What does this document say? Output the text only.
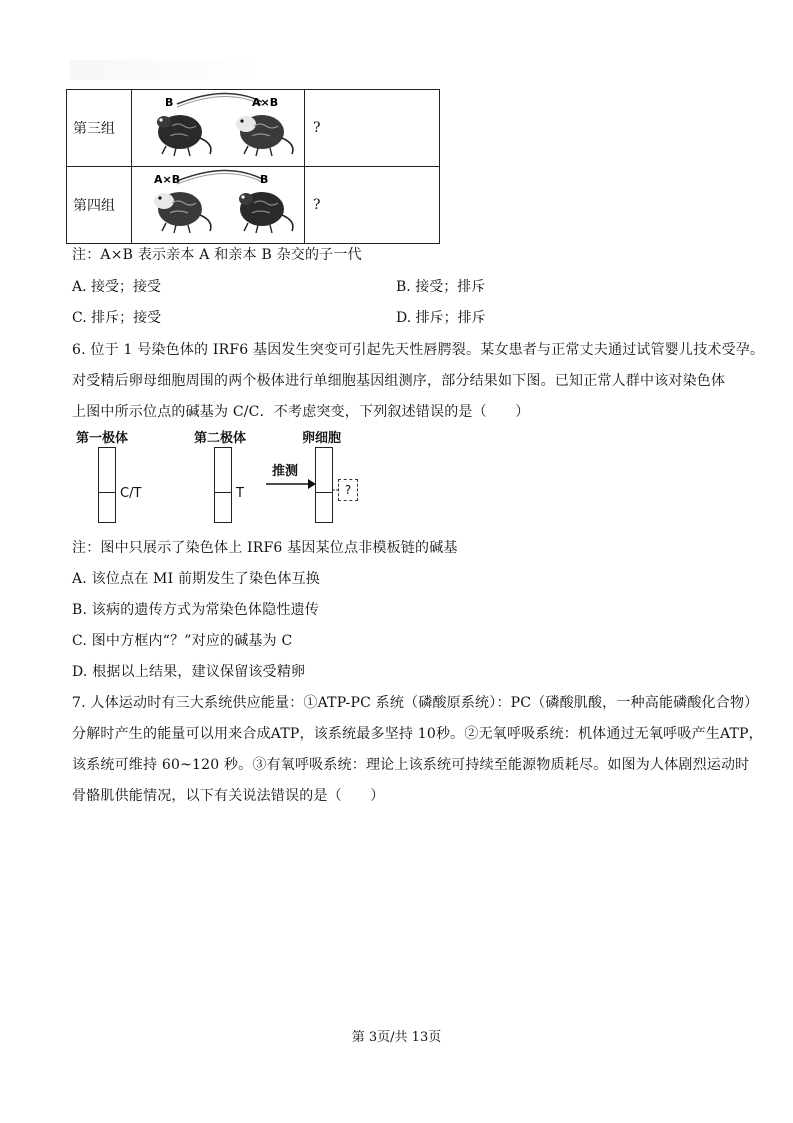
第三组	B A×B	?
第四组	A×B B	?
注：A×B 表示亲本 A 和亲本 B 杂交的子一代
A. 接受；接受	B. 接受；排斥
C. 排斥；接受	D. 排斥；排斥
6. 位于 1 号染色体的 IRF6 基因发生突变可引起先天性唇腭裂。某女患者与正常丈夫通过试管婴儿技术受孕。
对受精后卵母细胞周围的两个极体进行单细胞基因组测序，部分结果如下图。已知正常人群中该对染色体
上图中所示位点的碱基为 C/C．不考虑突变，下列叙述错误的是（　　）
第一极体	第二极体	卵细胞
C/T	T
推测
?
注：图中只展示了染色体上 IRF6 基因某位点非模板链的碱基
A. 该位点在 MI 前期发生了染色体互换
B. 该病的遗传方式为常染色体隐性遗传
C. 图中方框内“？”对应的碱基为 C
D. 根据以上结果，建议保留该受精卵
7. 人体运动时有三大系统供应能量：①ATP-PC 系统（磷酸原系统）：PC（磷酸肌酸，一种高能磷酸化合物）
分解时产生的能量可以用来合成ATP，该系统最多坚持 10秒。②无氧呼吸系统：机体通过无氧呼吸产生ATP，
该系统可维持 60~120 秒。③有氧呼吸系统：理论上该系统可持续至能源物质耗尽。如图为人体剧烈运动时
骨骼肌供能情况，以下有关说法错误的是（　　）
第 3页/共 13页
